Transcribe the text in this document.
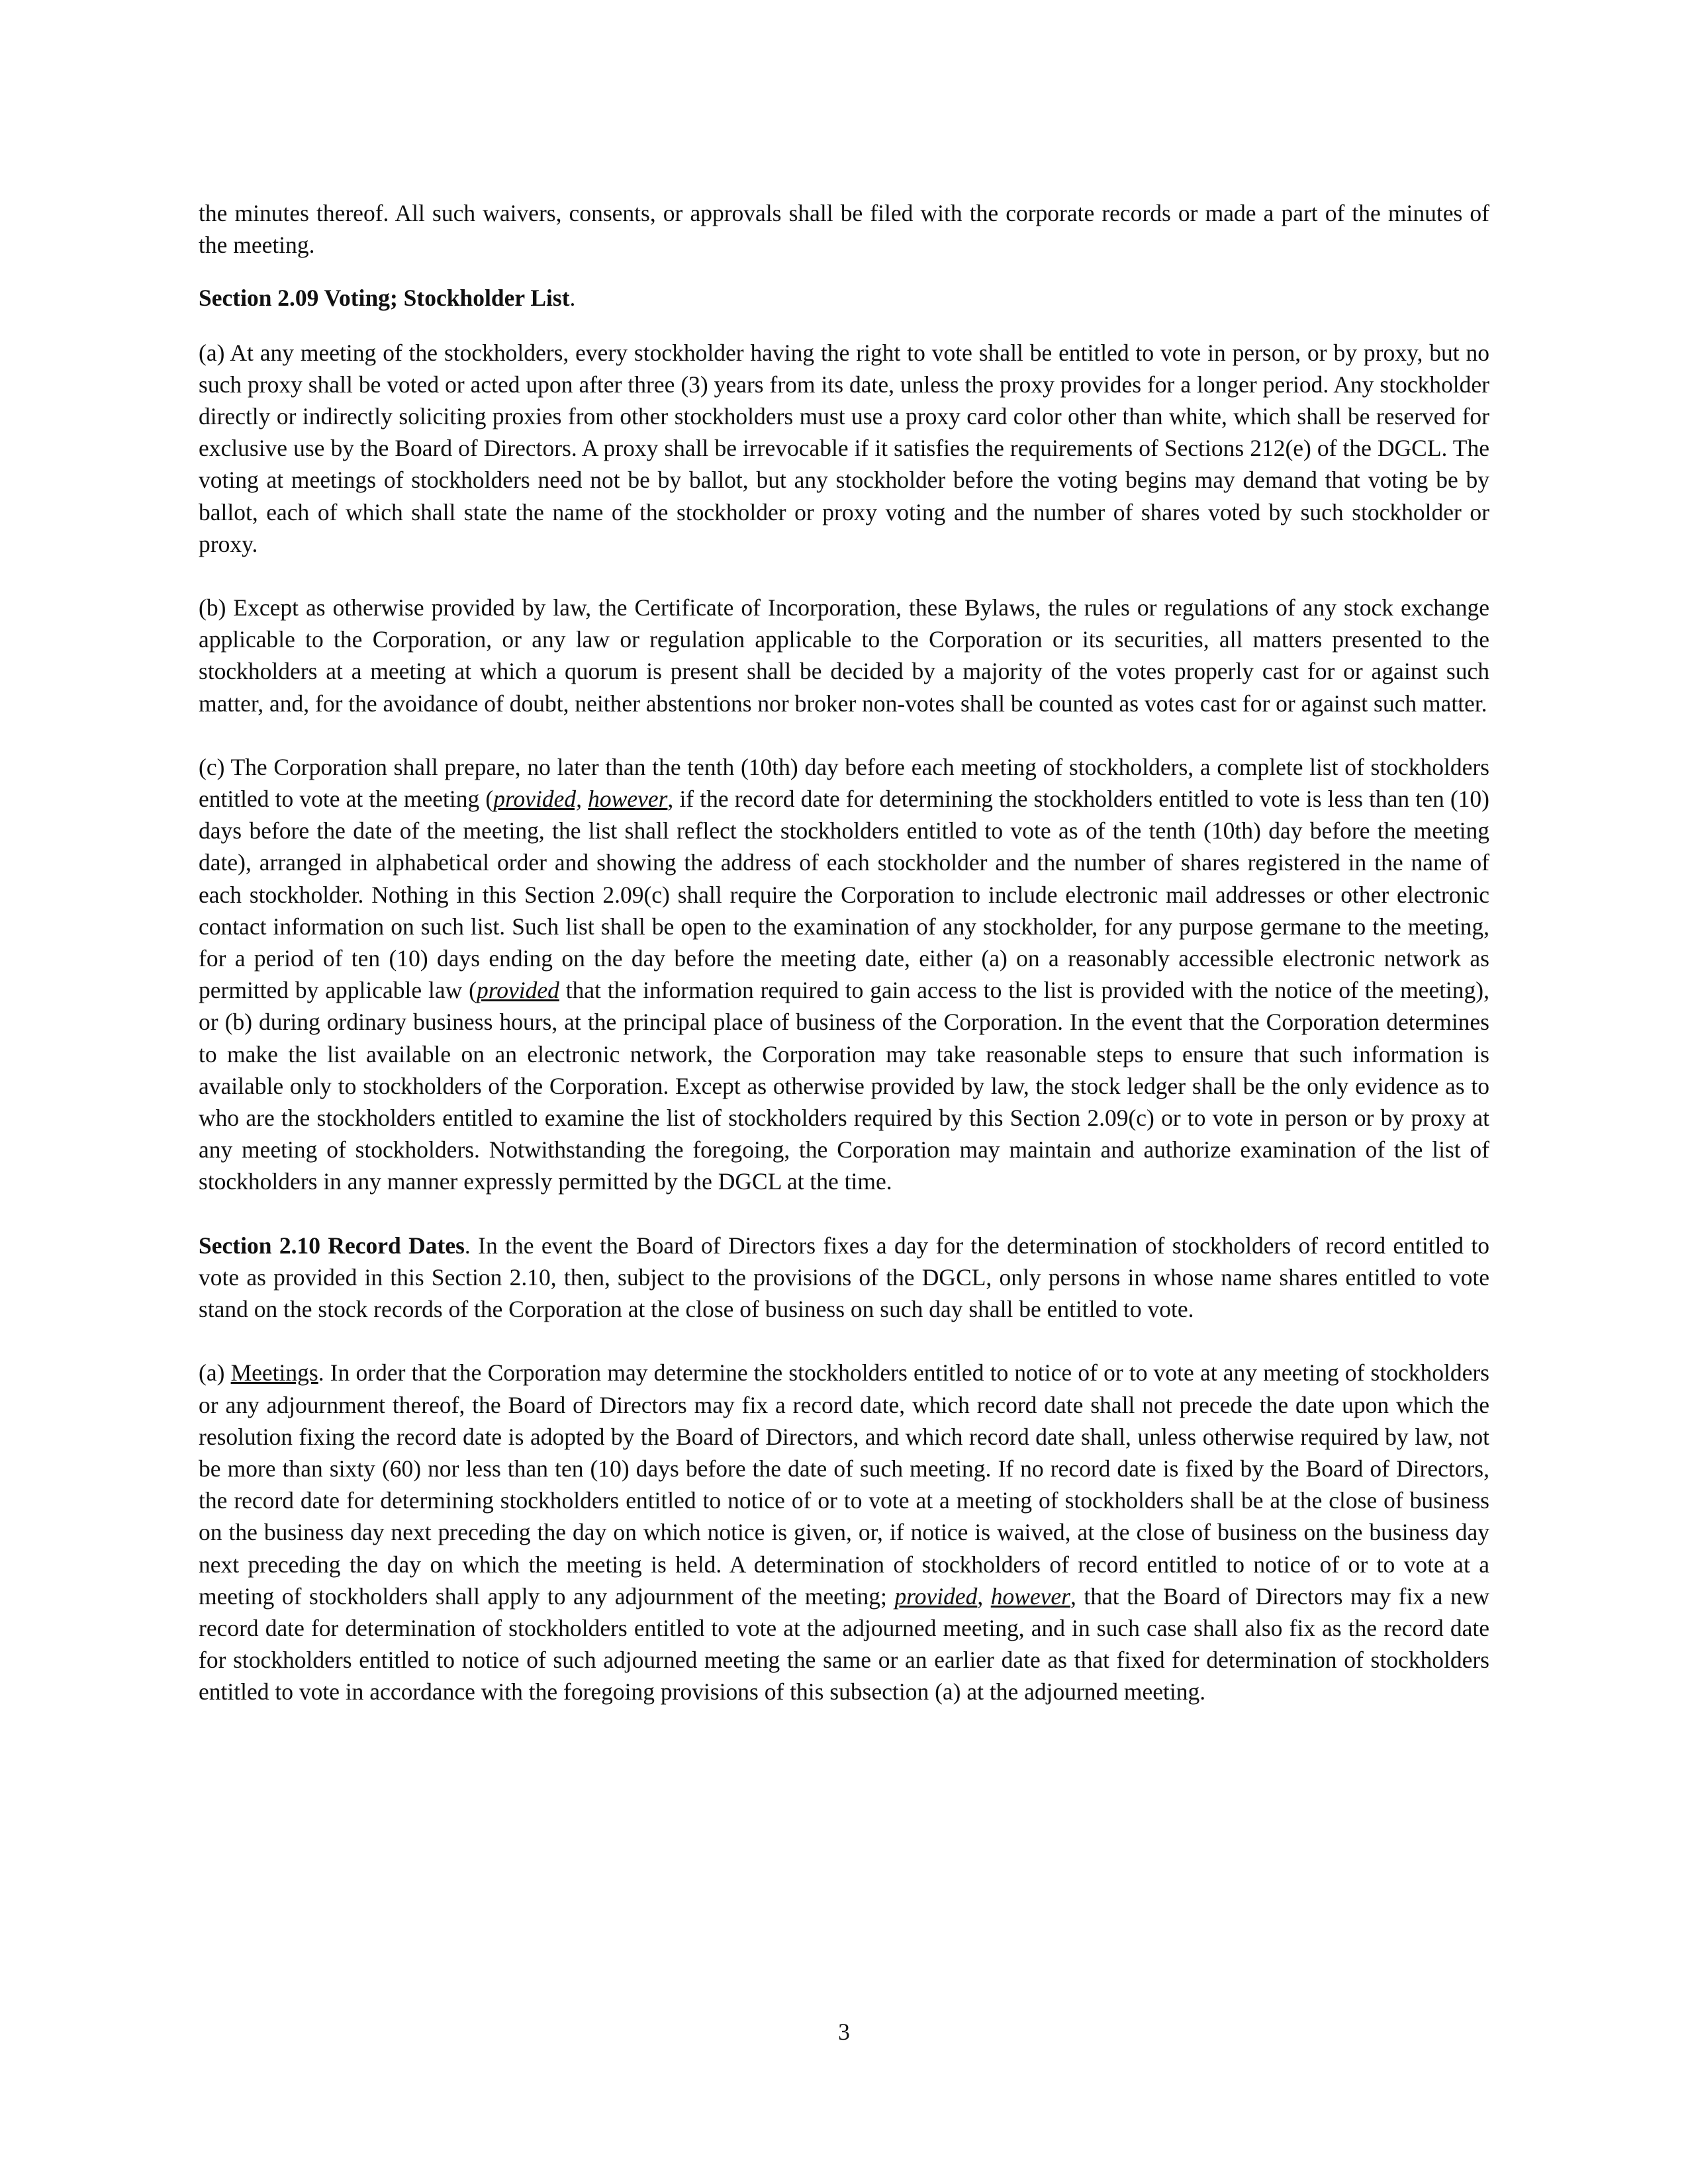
the minutes thereof. All such waivers, consents, or approvals shall be filed with the corporate records or made a part of the minutes of the meeting.

Section 2.09 Voting; Stockholder List.

(a) At any meeting of the stockholders, every stockholder having the right to vote shall be entitled to vote in person, or by proxy, but no such proxy shall be voted or acted upon after three (3) years from its date, unless the proxy provides for a longer period. Any stockholder directly or indirectly soliciting proxies from other stockholders must use a proxy card color other than white, which shall be reserved for exclusive use by the Board of Directors. A proxy shall be irrevocable if it satisfies the requirements of Sections 212(e) of the DGCL. The voting at meetings of stockholders need not be by ballot, but any stockholder before the voting begins may demand that voting be by ballot, each of which shall state the name of the stockholder or proxy voting and the number of shares voted by such stockholder or proxy.

(b) Except as otherwise provided by law, the Certificate of Incorporation, these Bylaws, the rules or regulations of any stock exchange applicable to the Corporation, or any law or regulation applicable to the Corporation or its securities, all matters presented to the stockholders at a meeting at which a quorum is present shall be decided by a majority of the votes properly cast for or against such matter, and, for the avoidance of doubt, neither abstentions nor broker non-votes shall be counted as votes cast for or against such matter.

(c) The Corporation shall prepare, no later than the tenth (10th) day before each meeting of stockholders, a complete list of stockholders entitled to vote at the meeting (provided, however, if the record date for determining the stockholders entitled to vote is less than ten (10) days before the date of the meeting, the list shall reflect the stockholders entitled to vote as of the tenth (10th) day before the meeting date), arranged in alphabetical order and showing the address of each stockholder and the number of shares registered in the name of each stockholder. Nothing in this Section 2.09(c) shall require the Corporation to include electronic mail addresses or other electronic contact information on such list. Such list shall be open to the examination of any stockholder, for any purpose germane to the meeting, for a period of ten (10) days ending on the day before the meeting date, either (a) on a reasonably accessible electronic network as permitted by applicable law (provided that the information required to gain access to the list is provided with the notice of the meeting), or (b) during ordinary business hours, at the principal place of business of the Corporation. In the event that the Corporation determines to make the list available on an electronic network, the Corporation may take reasonable steps to ensure that such information is available only to stockholders of the Corporation. Except as otherwise provided by law, the stock ledger shall be the only evidence as to who are the stockholders entitled to examine the list of stockholders required by this Section 2.09(c) or to vote in person or by proxy at any meeting of stockholders. Notwithstanding the foregoing, the Corporation may maintain and authorize examination of the list of stockholders in any manner expressly permitted by the DGCL at the time.

Section 2.10 Record Dates. In the event the Board of Directors fixes a day for the determination of stockholders of record entitled to vote as provided in this Section 2.10, then, subject to the provisions of the DGCL, only persons in whose name shares entitled to vote stand on the stock records of the Corporation at the close of business on such day shall be entitled to vote.

(a) Meetings. In order that the Corporation may determine the stockholders entitled to notice of or to vote at any meeting of stockholders or any adjournment thereof, the Board of Directors may fix a record date, which record date shall not precede the date upon which the resolution fixing the record date is adopted by the Board of Directors, and which record date shall, unless otherwise required by law, not be more than sixty (60) nor less than ten (10) days before the date of such meeting. If no record date is fixed by the Board of Directors, the record date for determining stockholders entitled to notice of or to vote at a meeting of stockholders shall be at the close of business on the business day next preceding the day on which notice is given, or, if notice is waived, at the close of business on the business day next preceding the day on which the meeting is held. A determination of stockholders of record entitled to notice of or to vote at a meeting of stockholders shall apply to any adjournment of the meeting; provided, however, that the Board of Directors may fix a new record date for determination of stockholders entitled to vote at the adjourned meeting, and in such case shall also fix as the record date for stockholders entitled to notice of such adjourned meeting the same or an earlier date as that fixed for determination of stockholders entitled to vote in accordance with the foregoing provisions of this subsection (a) at the adjourned meeting.

3
